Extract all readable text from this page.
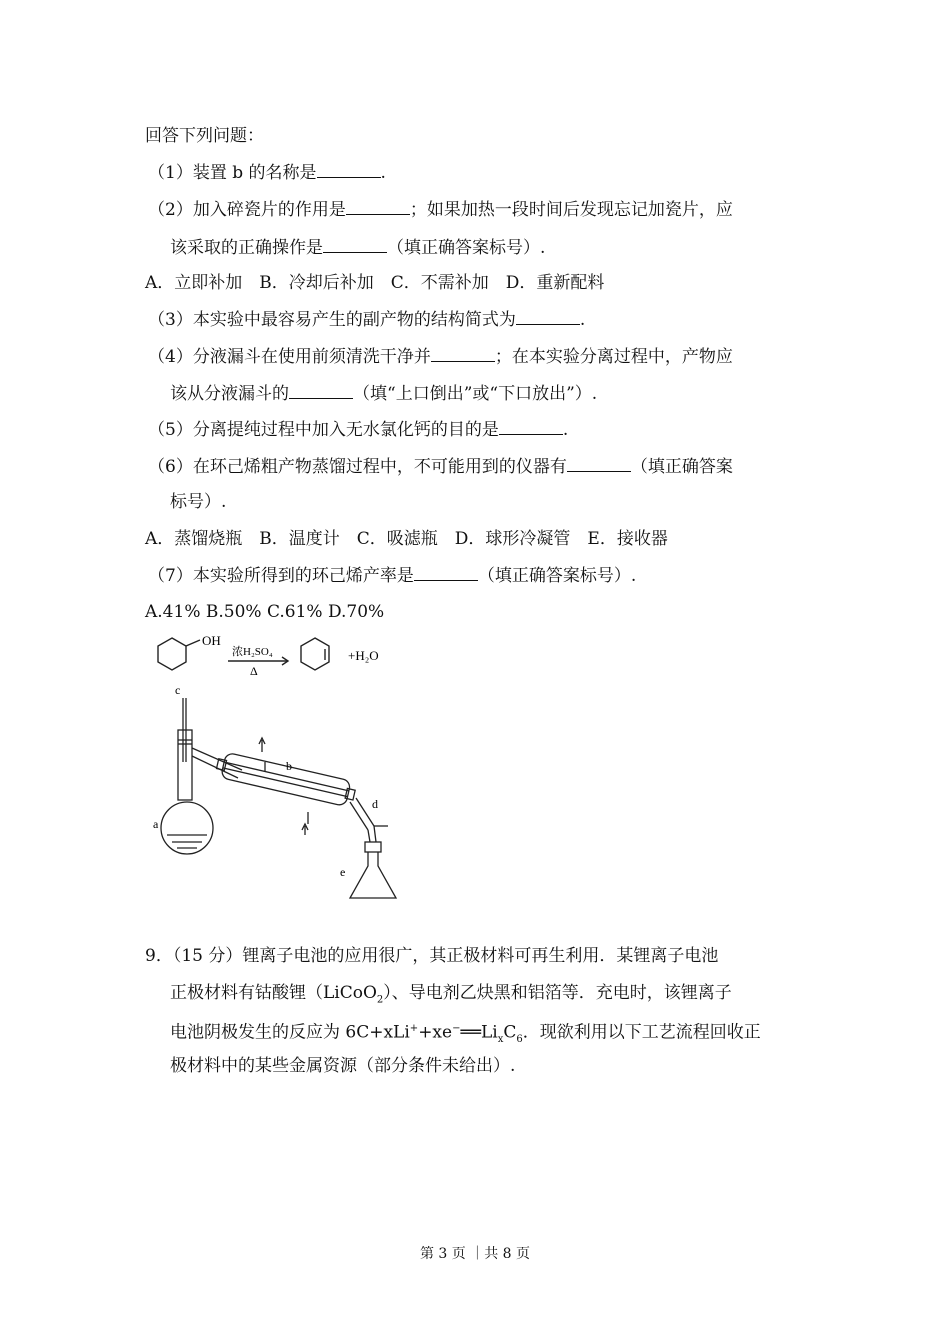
回答下列问题：
（1）装置 b 的名称是	.
（2）加入碎瓷片的作用是	；如果加热一段时间后发现忘记加瓷片，应
该采取的正确操作是	（填正确答案标号）.
A．立即补加　B．冷却后补加　C．不需补加　D．重新配料
（3）本实验中最容易产生的副产物的结构简式为	.
（4）分液漏斗在使用前须清洗干净并	；在本实验分离过程中，产物应
该从分液漏斗的	（填“上口倒出”或“下口放出”）.
（5）分离提纯过程中加入无水氯化钙的目的是	.
（6）在环己烯粗产物蒸馏过程中，不可能用到的仪器有	（填正确答案
标号）.
A．蒸馏烧瓶　B．温度计　C．吸滤瓶　D．球形冷凝管　E．接收器
（7）本实验所得到的环己烯产率是	（填正确答案标号）.
A.41% B.50% C.61% D.70%
OH
浓H₂SO₄
Δ
+H₂O
c
a
b
d
e
9．（15 分）锂离子电池的应用很广，其正极材料可再生利用．某锂离子电池
正极材料有钴酸锂（LiCoO$_2$）、导电剂乙炔黑和铝箔等．充电时，该锂离子
电池阴极发生的反应为 $6C+xLi^++xe^-══Li_xC_6$．现欲利用以下工艺流程回收正
极材料中的某些金属资源（部分条件未给出）.
第 3 页 ｜共 8 页
